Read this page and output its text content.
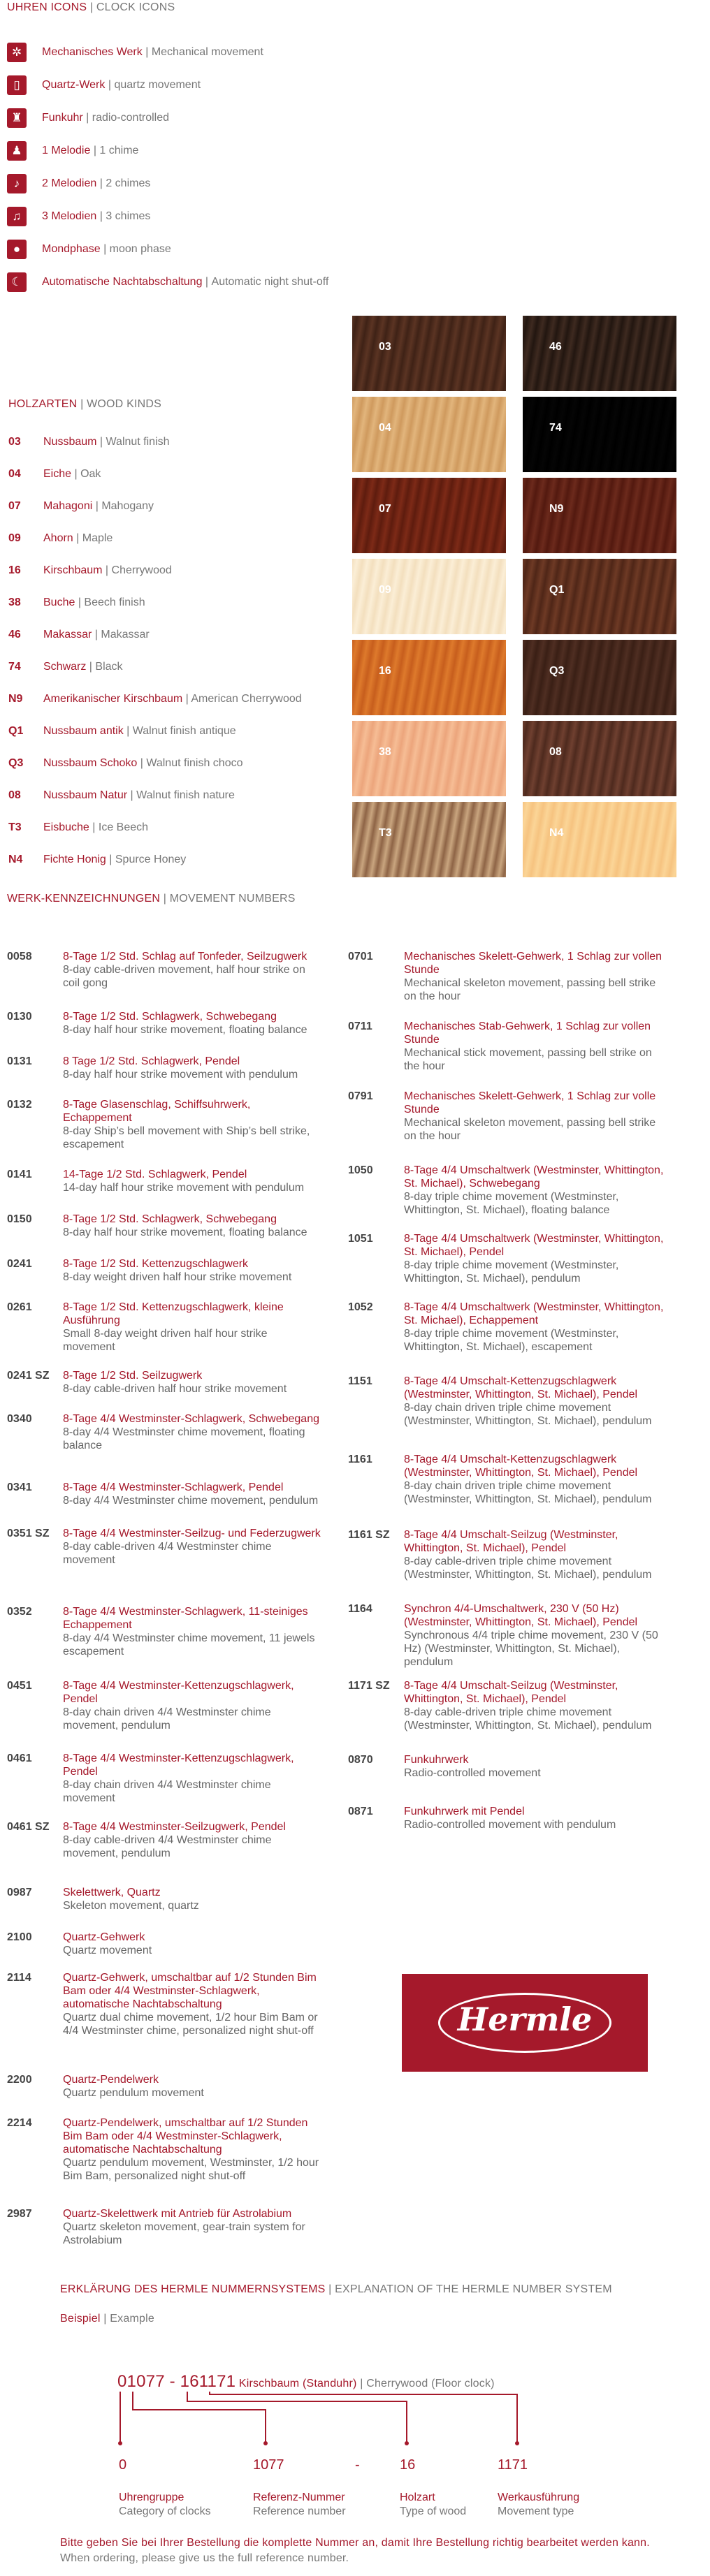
UHREN ICONS | CLOCK ICONS
✲	Mechanisches Werk | Mechanical movement
▯	Quartz-Werk | quartz movement
♜	Funkuhr | radio-controlled
♟	1 Melodie | 1 chime
♪	2 Melodien | 2 chimes
♫	3 Melodien | 3 chimes
●	Mondphase | moon phase
☾	Automatische Nachtabschaltung | Automatic night shut-off
HOLZARTEN | WOOD KINDS
03 Nussbaum | Walnut finish
04 Eiche | Oak
07 Mahagoni | Mahogany
09 Ahorn | Maple
16 Kirschbaum | Cherrywood
38 Buche | Beech finish
46 Makassar | Makassar
74 Schwarz | Black
N9 Amerikanischer Kirschbaum | American Cherrywood
Q1 Nussbaum antik | Walnut finish antique
Q3 Nussbaum Schoko | Walnut finish choco
08 Nussbaum Natur | Walnut finish nature
T3 Eisbuche | Ice Beech
N4 Fichte Honig | Spurce Honey
03	46
04	74
07	N9
09	Q1
16	Q3
38	08
T3	N4
WERK-KENNZEICHNUNGEN | MOVEMENT NUMBERS
0058	8-Tage 1/2 Std. Schlag auf Tonfeder, Seilzugwerk
8-day cable-driven movement, half hour strike on coil gong
0130	8-Tage 1/2 Std. Schlagwerk, Schwebegang
8-day half hour strike movement, floating balance
0131	8 Tage 1/2 Std. Schlagwerk, Pendel
8-day half hour strike movement with pendulum
0132	8-Tage Glasenschlag, Schiffsuhrwerk, Echappement
8-day Ship’s bell movement with Ship’s bell strike, escapement
0141	14-Tage 1/2 Std. Schlagwerk, Pendel
14-day half hour strike movement with pendulum
0150	8-Tage 1/2 Std. Schlagwerk, Schwebegang
8-day half hour strike movement, floating balance
0241	8-Tage 1/2 Std. Kettenzugschlagwerk
8-day weight driven half hour strike movement
0261	8-Tage 1/2 Std. Kettenzugschlagwerk, kleine Ausführung
Small 8-day weight driven half hour strike movement
0241 SZ 8-Tage 1/2 Std. Seilzugwerk
8-day cable-driven half hour strike movement
0340	8-Tage 4/4 Westminster-Schlagwerk, Schwebegang
8-day 4/4 Westminster chime movement, floating balance
0341	8-Tage 4/4 Westminster-Schlagwerk, Pendel
8-day 4/4 Westminster chime movement, pendulum
0351 SZ 8-Tage 4/4 Westminster-Seilzug- und Federzugwerk
8-day cable-driven 4/4 Westminster chime movement
0352	8-Tage 4/4 Westminster-Schlagwerk, 11-steiniges Echappement
8-day 4/4 Westminster chime movement, 11 jewels escapement
0451	8-Tage 4/4 Westminster-Kettenzugschlagwerk, Pendel
8-day chain driven 4/4 Westminster chime movement, pendulum
0461	8-Tage 4/4 Westminster-Kettenzugschlagwerk, Pendel
8-day chain driven 4/4 Westminster chime movement
0461 SZ 8-Tage 4/4 Westminster-Seilzugwerk, Pendel
8-day cable-driven 4/4 Westminster chime movement, pendulum
0987	Skelettwerk, Quartz
Skeleton movement, quartz
2100	Quartz-Gehwerk
Quartz movement
2114	Quartz-Gehwerk, umschaltbar auf 1/2 Stunden Bim Bam oder 4/4 Westminster-Schlagwerk, automatische Nachtabschaltung
Quartz dual chime movement, 1/2 hour Bim Bam or 4/4 Westminster chime, personalized night shut-off
2200	Quartz-Pendelwerk
Quartz pendulum movement
2214	Quartz-Pendelwerk, umschaltbar auf 1/2 Stunden Bim Bam oder 4/4 Westminster-Schlagwerk, automatische Nachtabschaltung
Quartz pendulum movement, Westminster, 1/2 hour Bim Bam, personalized night shut-off
2987	Quartz-Skelettwerk mit Antrieb für Astrolabium
Quartz skeleton movement, gear-train system for Astrolabium
0701	Mechanisches Skelett-Gehwerk, 1 Schlag zur vollen Stunde
Mechanical skeleton movement, passing bell strike on the hour
0711	Mechanisches Stab-Gehwerk, 1 Schlag zur vollen Stunde
Mechanical stick movement, passing bell strike on the hour
0791	Mechanisches Skelett-Gehwerk, 1 Schlag zur volle Stunde
Mechanical skeleton movement, passing bell strike on the hour
1050	8-Tage 4/4 Umschaltwerk (Westminster, Whittington, St. Michael), Schwebegang
8-day triple chime movement (Westminster, Whittington, St. Michael), floating balance
1051	8-Tage 4/4 Umschaltwerk (Westminster, Whittington, St. Michael), Pendel
8-day triple chime movement (Westminster, Whittington, St. Michael), pendulum
1052	8-Tage 4/4 Umschaltwerk (Westminster, Whittington, St. Michael), Echappement
8-day triple chime movement (Westminster, Whittington, St. Michael), escapement
1151	8-Tage 4/4 Umschalt-Kettenzugschlagwerk (Westminster, Whittington, St. Michael), Pendel
8-day chain driven triple chime movement (Westminster, Whittington, St. Michael), pendulum
1161	8-Tage 4/4 Umschalt-Kettenzugschlagwerk (Westminster, Whittington, St. Michael), Pendel
8-day chain driven triple chime movement (Westminster, Whittington, St. Michael), pendulum
1161 SZ 8-Tage 4/4 Umschalt-Seilzug (Westminster, Whittington, St. Michael), Pendel
8-day cable-driven triple chime movement (Westminster, Whittington, St. Michael), pendulum
1164	Synchron 4/4-Umschaltwerk, 230 V (50 Hz) (Westminster, Whittington, St. Michael), Pendel
Synchronous 4/4 triple chime movement, 230 V (50 Hz) (Westminster, Whittington, St. Michael), pendulum
1171 SZ 8-Tage 4/4 Umschalt-Seilzug (Westminster, Whittington, St. Michael), Pendel
8-day cable-driven triple chime movement (Westminster, Whittington, St. Michael), pendulum
0870	Funkuhrwerk
Radio-controlled movement
0871	Funkuhrwerk mit Pendel
Radio-controlled movement with pendulum
Hermle
ERKLÄRUNG DES HERMLE NUMMERNSYSTEMS | EXPLANATION OF THE HERMLE NUMBER SYSTEM
Beispiel | Example
01077 - 161171 Kirschbaum (Standuhr) | Cherrywood (Floor clock)
0
Uhrengruppe
Category of clocks
1077
Referenz-Nummer
Reference number
16
Holzart
Type of wood
1171
Werkausführung
Movement type
-
Bitte geben Sie bei Ihrer Bestellung die komplette Nummer an, damit Ihre Bestellung richtig bearbeitet werden kann.
When ordering, please give us the full reference number.
